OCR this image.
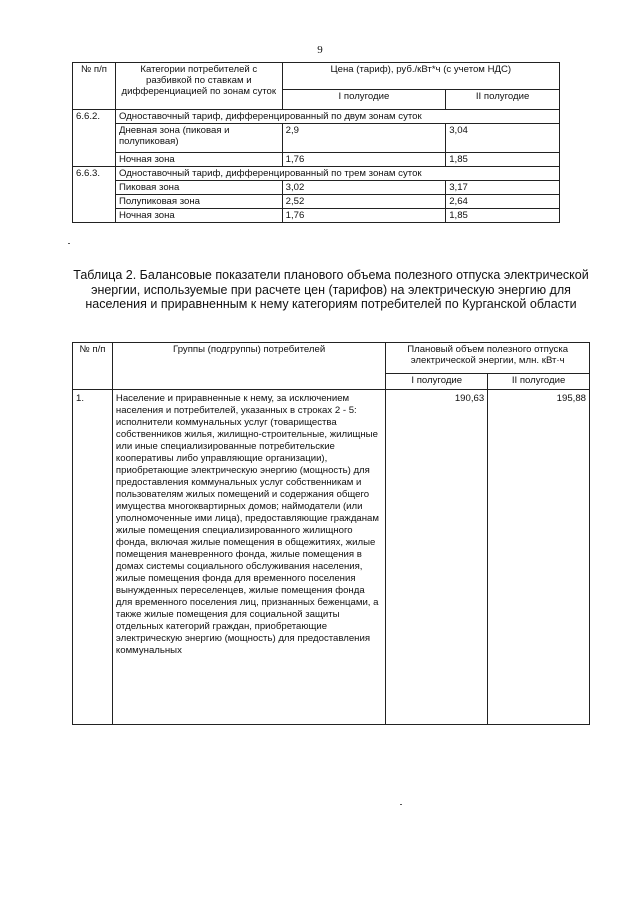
9
№ п/п	Категории потребителей с разбивкой по ставкам и дифференциацией по зонам суток	Цена (тариф), руб./кВт*ч (с учетом НДС)	
		I полугодие	II полугодие
6.6.2.	Одноставочный тариф, дифференцированный по двум зонам суток		
	Дневная зона (пиковая и полупиковая)	2,9	3,04
	Ночная зона	1,76	1,85
6.6.3.	Одноставочный тариф, дифференцированный по трем зонам суток		
	Пиковая зона	3,02	3,17
	Полупиковая зона	2,52	2,64
	Ночная зона	1,76	1,85
Таблица 2. Балансовые показатели планового объема полезного отпуска электрической энергии, используемые при расчете цен (тарифов) на электрическую энергию для населения и приравненным к нему категориям потребителей по Курганской области
№ п/п	Группы (подгруппы) потребителей	Плановый объем полезного отпуска электрической энергии, млн. кВт·ч	
		I полугодие	II полугодие
1.	Население и приравненные к нему, за исключением населения и потребителей, указанных в строках 2 - 5: исполнители коммунальных услуг (товарищества собственников жилья, жилищно-строительные, жилищные или иные специализированные потребительские кооперативы либо управляющие организации), приобретающие электрическую энергию (мощность) для предоставления коммунальных услуг собственникам и пользователям жилых помещений и содержания общего имущества многоквартирных домов; наймодатели (или уполномоченные ими лица), предоставляющие гражданам жилые помещения специализированного жилищного фонда, включая жилые помещения в общежитиях, жилые помещения маневренного фонда, жилые помещения в домах системы социального обслуживания населения, жилые помещения фонда для временного поселения вынужденных переселенцев, жилые помещения фонда для временного поселения лиц, признанных беженцами, а также жилые помещения для социальной защиты отдельных категорий граждан, приобретающие электрическую энергию (мощность) для предоставления коммунальных	190,63	195,88
